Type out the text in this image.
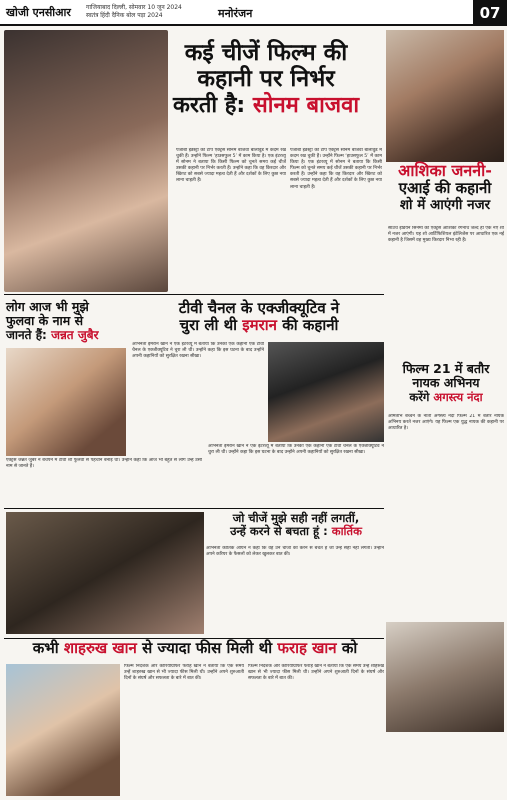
खोजी एनसीआर	गाजियाबाद दिल्ली, सोमवार 10 जून 2024
स्वतंत्र हिंदी दैनिक बोल पड़ा 2024	मनोरंजन	07
कई चीजें फिल्म की
कहानी पर निर्भर
करती है: सोनम बाजवा
पंजाबी इंडस्ट्री की टॉप एक्ट्रेस सोनम बाजवा बॉलीवुड में कदम रख चुकी हैं। उन्होंने फिल्म ‘हाउसफुल 5’ में काम किया है। एक इंटरव्यू में सोनम ने बताया कि किसी फिल्म को चुनते समय कई चीजें उसकी कहानी पर निर्भर करती हैं। उन्होंने कहा कि वह किरदार और स्क्रिप्ट को सबसे ज्यादा महत्व देती हैं और दर्शकों के लिए कुछ नया लाना चाहती हैं।
पंजाबी इंडस्ट्री की टॉप एक्ट्रेस सोनम बाजवा बॉलीवुड में कदम रख चुकी हैं। उन्होंने फिल्म ‘हाउसफुल 5’ में काम किया है। एक इंटरव्यू में सोनम ने बताया कि किसी फिल्म को चुनते समय कई चीजें उसकी कहानी पर निर्भर करती हैं। उन्होंने कहा कि वह किरदार और स्क्रिप्ट को सबसे ज्यादा महत्व देती हैं और दर्शकों के लिए कुछ नया लाना चाहती हैं।
आशिका जननी-
एआई की कहानी
शो में आएंगी नजर
साउथ इंडियन सिनेमा की एक्ट्रेस आशिका रंगनाथ जल्द ही एक नए शो में नजर आएंगी। यह शो आर्टिफिशियल इंटेलिजेंस पर आधारित एक नई कहानी है जिसमें वह मुख्य किरदार निभा रही हैं।
लोग आज भी मुझे
फुलवा के नाम से
जानते हैं: जन्नत जुबैर
एक्ट्रेस जन्नत जुबैर ने बचपन में टीवी शो फुलवा से पहचान बनाई थी। उन्होंने कहा कि आज भी बहुत से लोग उन्हें उसी नाम से जानते हैं।
टीवी चैनल के एक्जीक्यूटिव ने
चुरा ली थी इमरान की कहानी
अभिनेता इमरान खान ने एक इंटरव्यू में बताया कि उनकी एक कहानी एक टीवी चैनल के एक्जीक्यूटिव ने चुरा ली थी। उन्होंने कहा कि इस घटना के बाद उन्होंने अपनी कहानियों को सुरक्षित रखना सीखा।
अभिनेता इमरान खान ने एक इंटरव्यू में बताया कि उनकी एक कहानी एक टीवी चैनल के एक्जीक्यूटिव ने चुरा ली थी। उन्होंने कहा कि इस घटना के बाद उन्होंने अपनी कहानियों को सुरक्षित रखना सीखा।
फिल्म 21 में बतौर
नायक अभिनय
करेंगे अगस्त्य नंदा
अमिताभ बच्चन के नाती अगस्त्य नंदा फिल्म 21 में बतौर नायक अभिनय करते नजर आएंगे। यह फिल्म एक युद्ध नायक की कहानी पर आधारित है।
जो चीजें मुझे सही नहीं लगतीं,
उन्हें करने से बचता हूं : कार्तिक
अभिनेता कार्तिक आर्यन ने कहा कि वह उन चीजों को करने से बचते हैं जो उन्हें सही नहीं लगतीं। उन्होंने अपने करियर के फैसलों को लेकर खुलकर बात की।
कभी शाहरुख खान से ज्यादा फीस मिली थी फराह खान को
फिल्म निर्देशक और कोरियोग्राफर फराह खान ने बताया कि एक समय उन्हें शाहरुख खान से भी ज्यादा फीस मिली थी। उन्होंने अपने शुरुआती दिनों के संघर्ष और सफलता के बारे में बात की।
फिल्म निर्देशक और कोरियोग्राफर फराह खान ने बताया कि एक समय उन्हें शाहरुख खान से भी ज्यादा फीस मिली थी। उन्होंने अपने शुरुआती दिनों के संघर्ष और सफलता के बारे में बात की।
